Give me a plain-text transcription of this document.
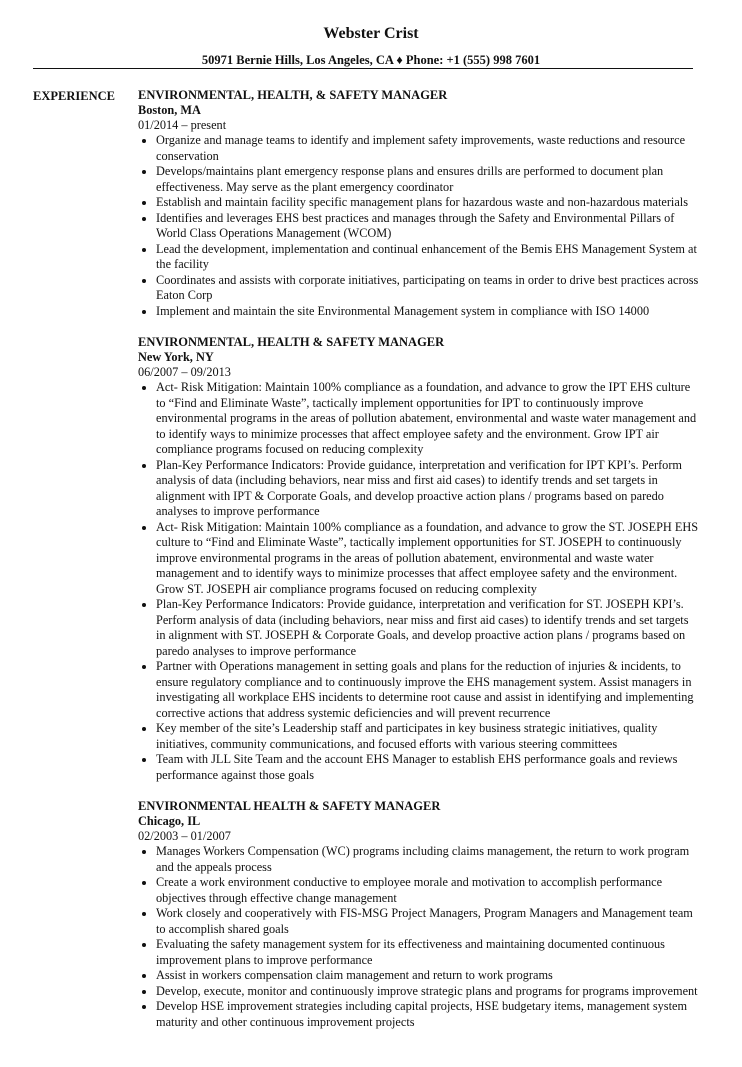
Webster Crist
50971 Bernie Hills, Los Angeles, CA ♦ Phone: +1 (555) 998 7601
EXPERIENCE ENVIRONMENTAL, HEALTH, & SAFETY MANAGER
Boston, MA
01/2014 – present
• Organize and manage teams to identify and implement safety improvements, waste reductions and resource conservation
• Develops/maintains plant emergency response plans and ensures drills are performed to document plan effectiveness. May serve as the plant emergency coordinator
• Establish and maintain facility specific management plans for hazardous waste and non-hazardous materials
• Identifies and leverages EHS best practices and manages through the Safety and Environmental Pillars of World Class Operations Management (WCOM)
• Lead the development, implementation and continual enhancement of the Bemis EHS Management System at the facility
• Coordinates and assists with corporate initiatives, participating on teams in order to drive best practices across Eaton Corp
• Implement and maintain the site Environmental Management system in compliance with ISO 14000
ENVIRONMENTAL, HEALTH & SAFETY MANAGER
New York, NY
06/2007 – 09/2013
• Act- Risk Mitigation: Maintain 100% compliance as a foundation, and advance to grow the IPT EHS culture to “Find and Eliminate Waste”, tactically implement opportunities for IPT to continuously improve environmental programs in the areas of pollution abatement, environmental and waste water management and to identify ways to minimize processes that affect employee safety and the environment. Grow IPT air compliance programs focused on reducing complexity
• Plan-Key Performance Indicators: Provide guidance, interpretation and verification for IPT KPI’s. Perform analysis of data (including behaviors, near miss and first aid cases) to identify trends and set targets in alignment with IPT & Corporate Goals, and develop proactive action plans / programs based on paredo analyses to improve performance
• Act- Risk Mitigation: Maintain 100% compliance as a foundation, and advance to grow the ST. JOSEPH EHS culture to “Find and Eliminate Waste”, tactically implement opportunities for ST. JOSEPH to continuously improve environmental programs in the areas of pollution abatement, environmental and waste water management and to identify ways to minimize processes that affect employee safety and the environment. Grow ST. JOSEPH air compliance programs focused on reducing complexity
• Plan-Key Performance Indicators: Provide guidance, interpretation and verification for ST. JOSEPH KPI’s. Perform analysis of data (including behaviors, near miss and first aid cases) to identify trends and set targets in alignment with ST. JOSEPH & Corporate Goals, and develop proactive action plans / programs based on paredo analyses to improve performance
• Partner with Operations management in setting goals and plans for the reduction of injuries & incidents, to ensure regulatory compliance and to continuously improve the EHS management system. Assist managers in investigating all workplace EHS incidents to determine root cause and assist in identifying and implementing corrective actions that address systemic deficiencies and will prevent recurrence
• Key member of the site’s Leadership staff and participates in key business strategic initiatives, quality initiatives, community communications, and focused efforts with various steering committees
• Team with JLL Site Team and the account EHS Manager to establish EHS performance goals and reviews performance against those goals
ENVIRONMENTAL HEALTH & SAFETY MANAGER
Chicago, IL
02/2003 – 01/2007
• Manages Workers Compensation (WC) programs including claims management, the return to work program and the appeals process
• Create a work environment conductive to employee morale and motivation to accomplish performance objectives through effective change management
• Work closely and cooperatively with FIS-MSG Project Managers, Program Managers and Management team to accomplish shared goals
• Evaluating the safety management system for its effectiveness and maintaining documented continuous improvement plans to improve performance
• Assist in workers compensation claim management and return to work programs
• Develop, execute, monitor and continuously improve strategic plans and programs for programs improvement
• Develop HSE improvement strategies including capital projects, HSE budgetary items, management system maturity and other continuous improvement projects
